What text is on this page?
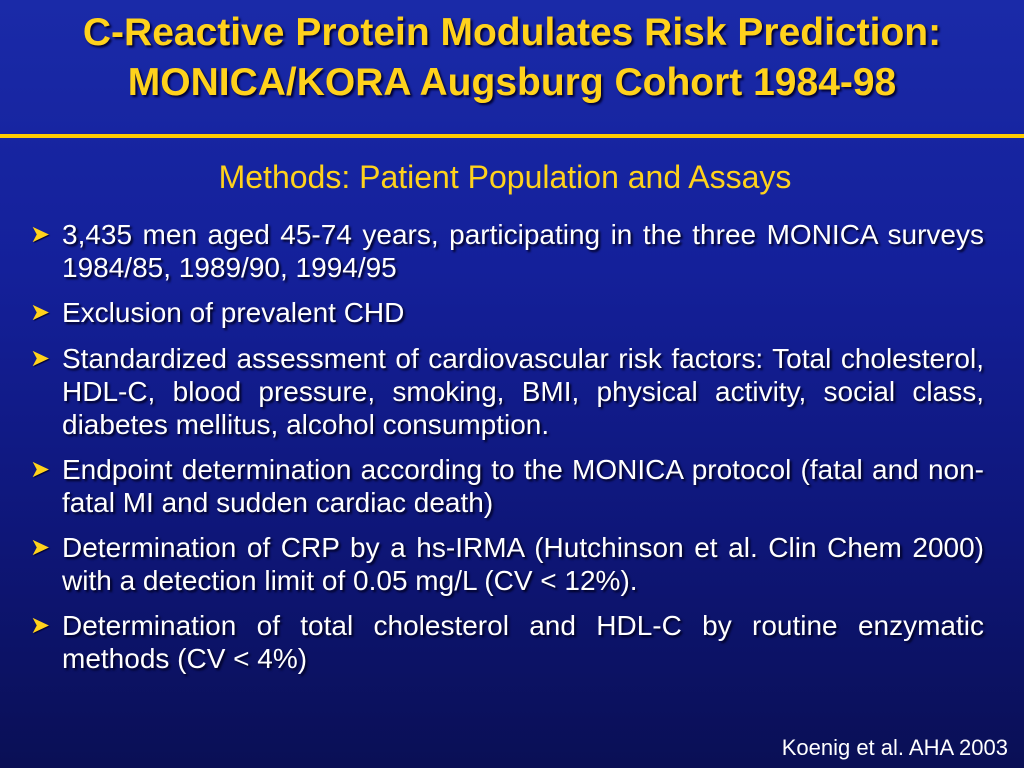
C-Reactive Protein Modulates Risk Prediction:
MONICA/KORA Augsburg Cohort 1984-98
Methods: Patient Population and Assays
➤ 3,435 men aged 45-74 years, participating in the three MONICA surveys 1984/85, 1989/90, 1994/95
➤ Exclusion of prevalent CHD
➤ Standardized assessment of cardiovascular risk factors: Total cholesterol, HDL-C, blood pressure, smoking, BMI, physical activity, social class, diabetes mellitus, alcohol consumption.
➤ Endpoint determination according to the MONICA protocol (fatal and non-fatal MI and sudden cardiac death)
➤ Determination of CRP by a hs-IRMA (Hutchinson et al. Clin Chem 2000) with a detection limit of 0.05 mg/L (CV < 12%).
➤ Determination of total cholesterol and HDL-C by routine enzymatic methods (CV < 4%)
Koenig et al. AHA 2003
